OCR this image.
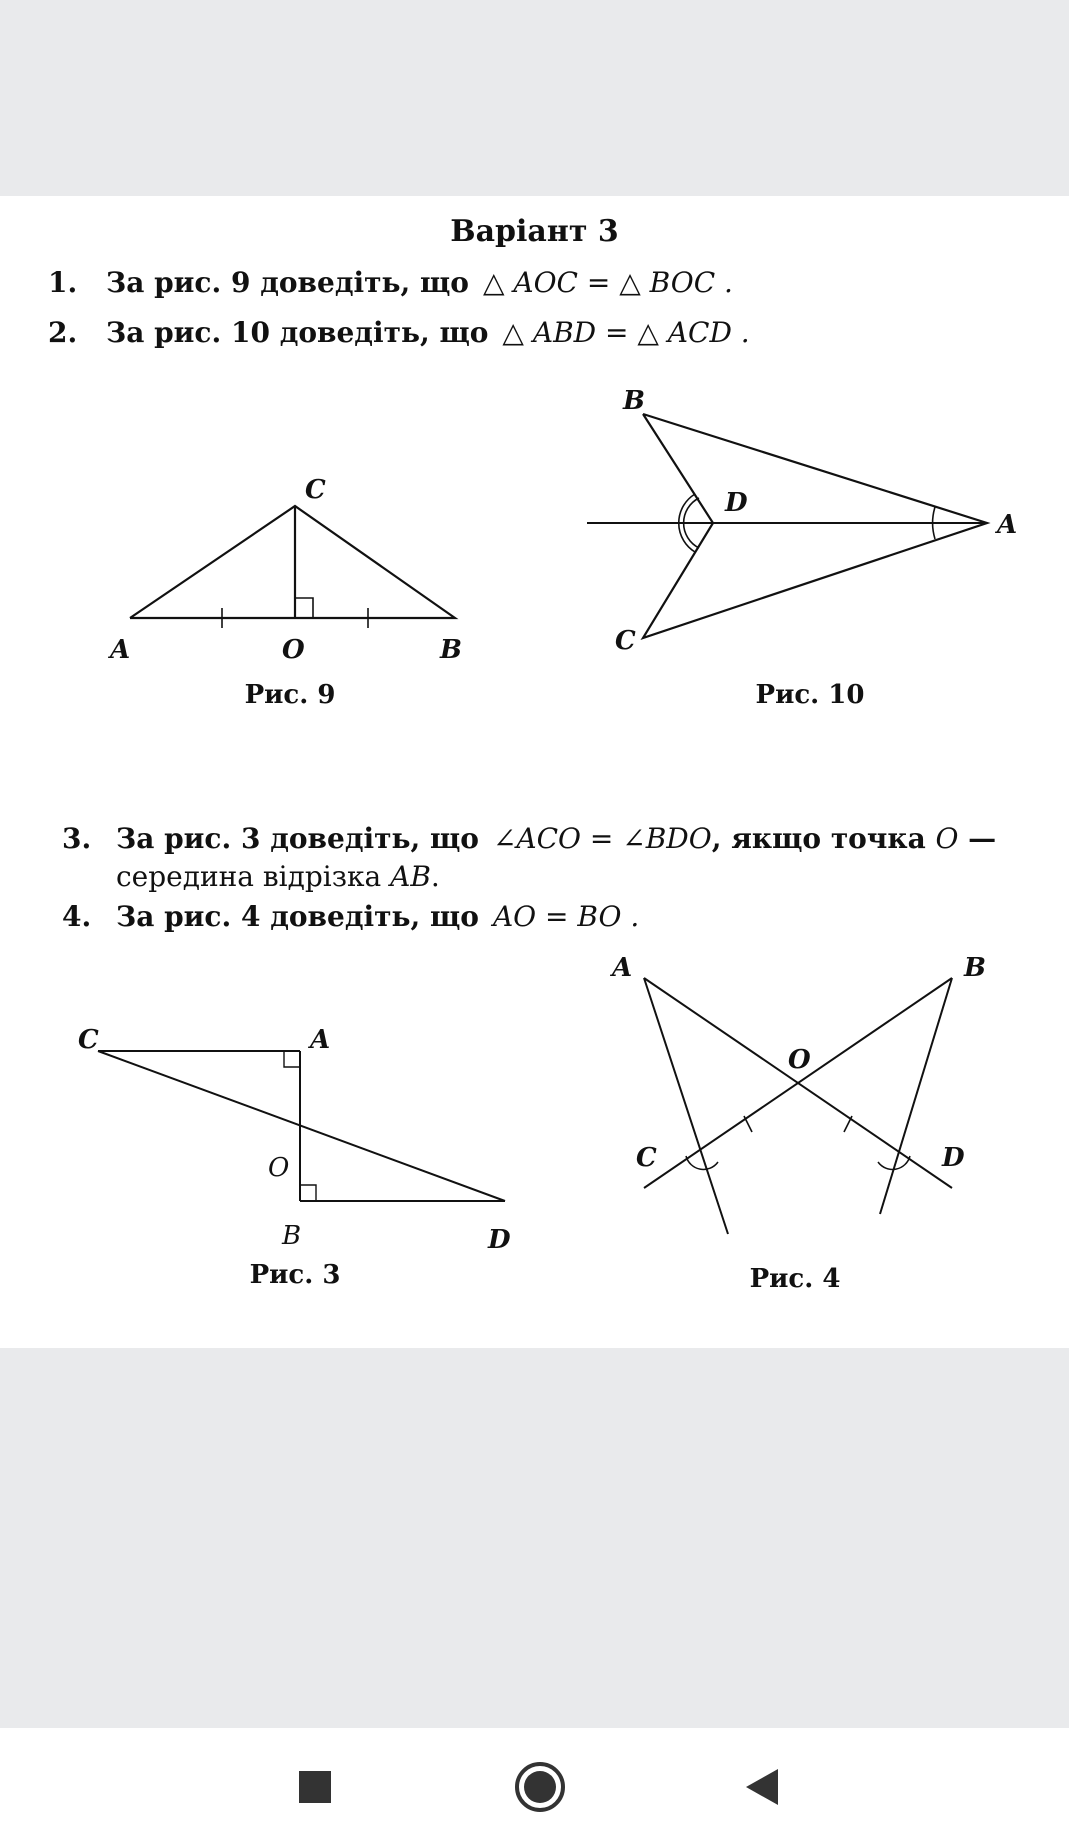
Варіант 3
1. За рис. 9 доведіть, що △ AOC = △ BOC .
2. За рис. 10 доведіть, що △ ABD = △ ACD .
C
A	O	B
Рис. 9
B
D
A
C
Рис. 10
3. За рис. 3 доведіть, що ∠ACO = ∠BDO, якщо точка O —
середина відрізка AB.
4. За рис. 4 доведіть, що AO = BO .
C	A
O
B	D
Рис. 3
A	B
O
C	D
Рис. 4
